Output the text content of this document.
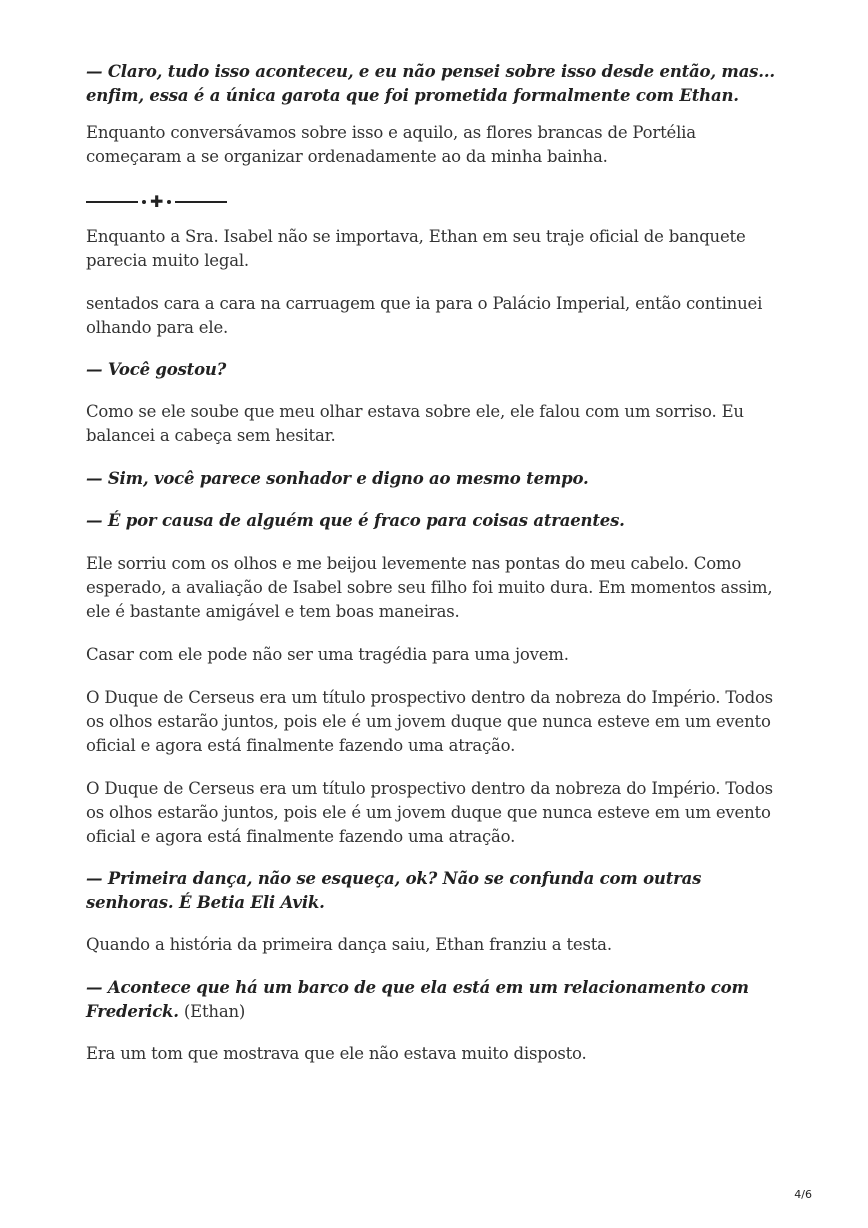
— Claro, tudo isso aconteceu, e eu não pensei sobre isso desde então, mas... enfim, essa é a única garota que foi prometida formalmente com Ethan.

Enquanto conversávamos sobre isso e aquilo, as flores brancas de Portélia começaram a se organizar ordenadamente ao da minha bainha.

✚

Enquanto a Sra. Isabel não se importava, Ethan em seu traje oficial de banquete parecia muito legal.

sentados cara a cara na carruagem que ia para o Palácio Imperial, então continuei olhando para ele.

— Você gostou?

Como se ele soube que meu olhar estava sobre ele, ele falou com um sorriso. Eu balancei a cabeça sem hesitar.

— Sim, você parece sonhador e digno ao mesmo tempo.

— É por causa de alguém que é fraco para coisas atraentes.

Ele sorriu com os olhos e me beijou levemente nas pontas do meu cabelo. Como esperado, a avaliação de Isabel sobre seu filho foi muito dura. Em momentos assim, ele é bastante amigável e tem boas maneiras.

Casar com ele pode não ser uma tragédia para uma jovem.

O Duque de Cerseus era um título prospectivo dentro da nobreza do Império. Todos os olhos estarão juntos, pois ele é um jovem duque que nunca esteve em um evento oficial e agora está finalmente fazendo uma atração.

O Duque de Cerseus era um título prospectivo dentro da nobreza do Império. Todos os olhos estarão juntos, pois ele é um jovem duque que nunca esteve em um evento oficial e agora está finalmente fazendo uma atração.

— Primeira dança, não se esqueça, ok? Não se confunda com outras senhoras. É Betia Eli Avik.

Quando a história da primeira dança saiu, Ethan franziu a testa.

— Acontece que há um barco de que ela está em um relacionamento com Frederick. (Ethan)

Era um tom que mostrava que ele não estava muito disposto.

4/6
